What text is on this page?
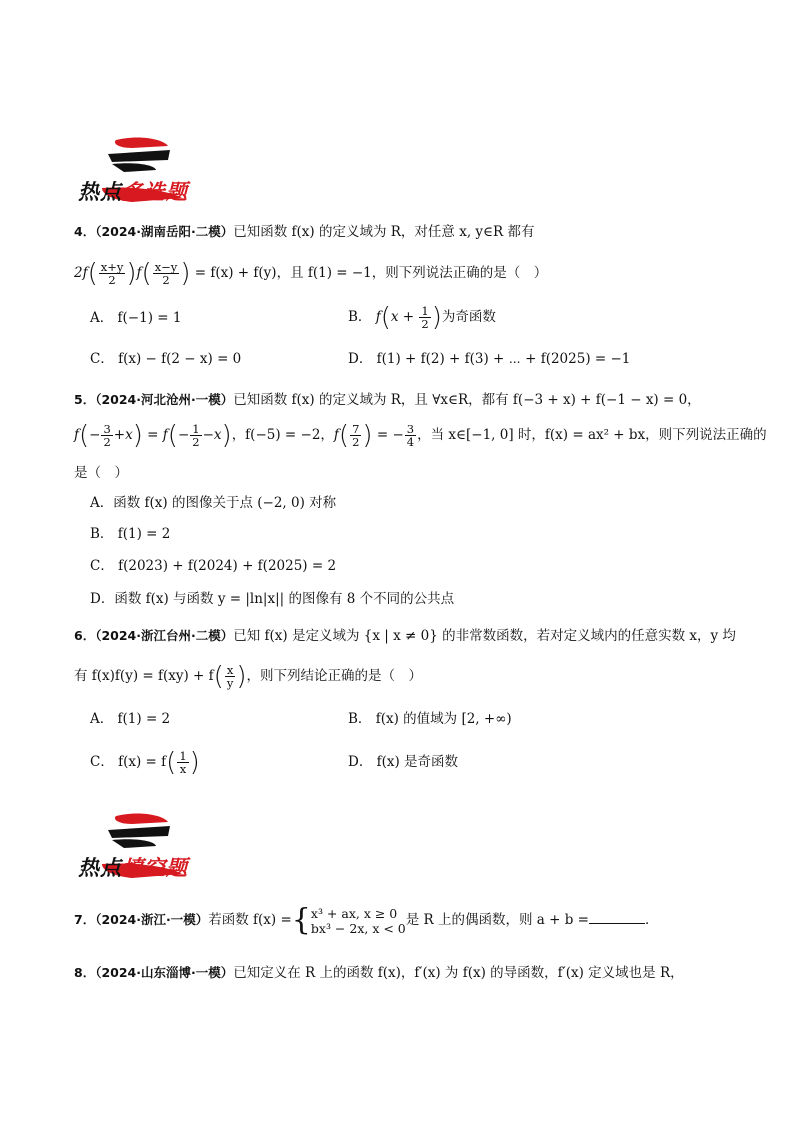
热点多选题
4．（2024·湖南岳阳·二模）已知函数 f(x) 的定义域为 R，对任意 x, y∈R 都有
$2f( \frac{x+y}{2} )f( \frac{x-y}{2}$ ) = f(x) + f(y)，且 f(1) = −1，则下列说法正确的是（　）
A． f(−1) = 1	B． $f(x + \frac{1}{2}$ )为奇函数
C． f(x) − f(2 − x) = 0	D． f(1) + f(2) + f(3) + ⋯ + f(2025) = −1
5．（2024·河北沧州·一模）已知函数 f(x) 的定义域为 R，且 ∀x∈R，都有 f(−3 + x) + f(−1 − x) = 0，
$f(- \frac{3}{2} +x) = f(- \frac{1}{2} -x)$，f(−5) = −2，$f( \frac{7}{2}$ ) = − $\frac{3}{4}$ ，当 x∈[−1, 0] 时，f(x) = ax² + bx，则下列说法正确的
是（　）
A．函数 f(x) 的图像关于点 (−2, 0) 对称
B． f(1) = 2
C． f(2023) + f(2024) + f(2025) = 2
D．函数 f(x) 与函数 y = |ln|x|| 的图像有 8 个不同的公共点
6．（2024·浙江台州·二模）已知 f(x) 是定义域为 {x | x ≠ 0} 的非常数函数，若对定义域内的任意实数 x，y 均
有 $f(x)f(y) = f(xy) + f( \frac{x}{y}$ )，则下列结论正确的是（　）
A． f(1) = 2	B． f(x) 的值域为 [2, +∞)
C． $f(x) = f( \frac{1}{x}$ )	D． f(x) 是奇函数
热点填空题
7．（2024·浙江·一模）若函数 f(x) ={ x³ + ax, x ≥ 0
bx³ − 2x, x < 0 是 R 上的偶函数，则 a + b =	．
8．（2024·山东淄博·一模）已知定义在 R 上的函数 f(x)，f′(x) 为 f(x) 的导函数，f′(x) 定义域也是 R，
